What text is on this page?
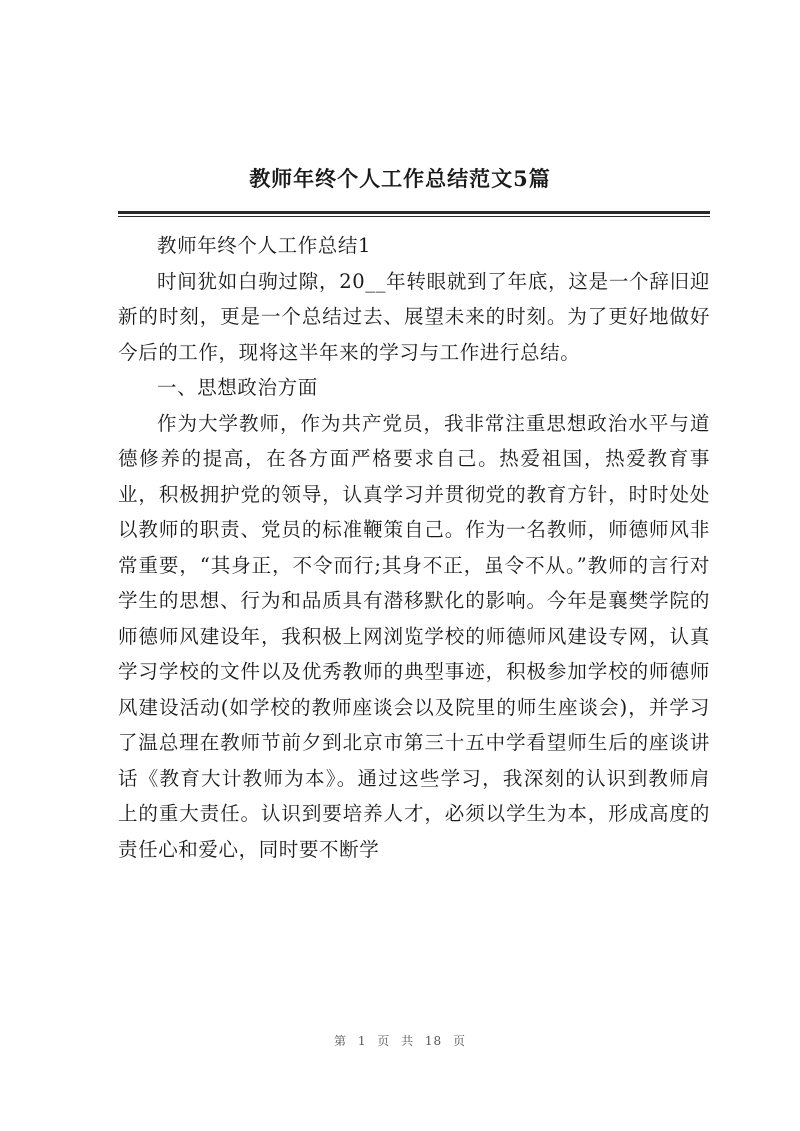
教师年终个人工作总结范文5篇

教师年终个人工作总结1

时间犹如白驹过隙，20__年转眼就到了年底，这是一个辞旧迎新的时刻，更是一个总结过去、展望未来的时刻。为了更好地做好今后的工作，现将这半年来的学习与工作进行总结。

一、思想政治方面

作为大学教师，作为共产党员，我非常注重思想政治水平与道德修养的提高，在各方面严格要求自己。热爱祖国，热爱教育事业，积极拥护党的领导，认真学习并贯彻党的教育方针，时时处处以教师的职责、党员的标准鞭策自己。作为一名教师，师德师风非常重要，“其身正，不令而行;其身不正，虽令不从。”教师的言行对学生的思想、行为和品质具有潜移默化的影响。今年是襄樊学院的师德师风建设年，我积极上网浏览学校的师德师风建设专网，认真学习学校的文件以及优秀教师的典型事迹，积极参加学校的师德师风建设活动(如学校的教师座谈会以及院里的师生座谈会)，并学习了温总理在教师节前夕到北京市第三十五中学看望师生后的座谈讲话《教育大计教师为本》。通过这些学习，我深刻的认识到教师肩上的重大责任。认识到要培养人才，必须以学生为本，形成高度的责任心和爱心，同时要不断学

第 1 页 共 18 页
